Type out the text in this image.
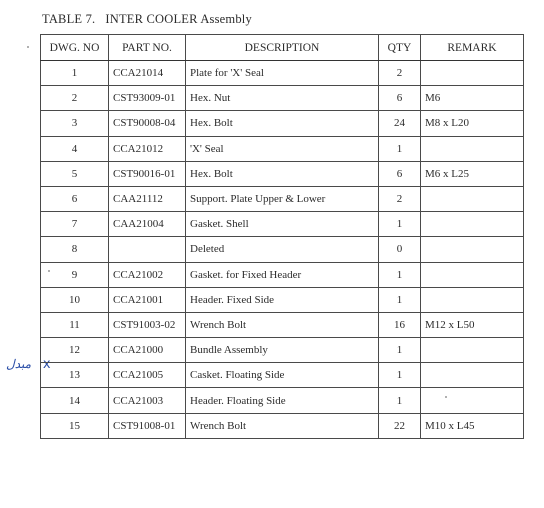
TABLE 7. INTER COOLER Assembly
مبدل x
DWG. NO	PART NO.	DESCRIPTION	QTY	REMARK
1	CCA21014	Plate for 'X' Seal	2	
2	CST93009-01	Hex. Nut	6	M6
3	CST90008-04	Hex. Bolt	24	M8 x L20
4	CCA21012	'X' Seal	1	
5	CST90016-01	Hex. Bolt	6	M6 x L25
6	CAA21112	Support. Plate Upper & Lower	2	
7	CAA21004	Gasket. Shell	1	
8		Deleted	0	
9	CCA21002	Gasket. for Fixed Header	1	
10	CCA21001	Header. Fixed Side	1	
11	CST91003-02	Wrench Bolt	16	M12 x L50
12	CCA21000	Bundle Assembly	1	
13	CCA21005	Casket. Floating Side	1	
14	CCA21003	Header. Floating Side	1	
15	CST91008-01	Wrench Bolt	22	M10 x L45
